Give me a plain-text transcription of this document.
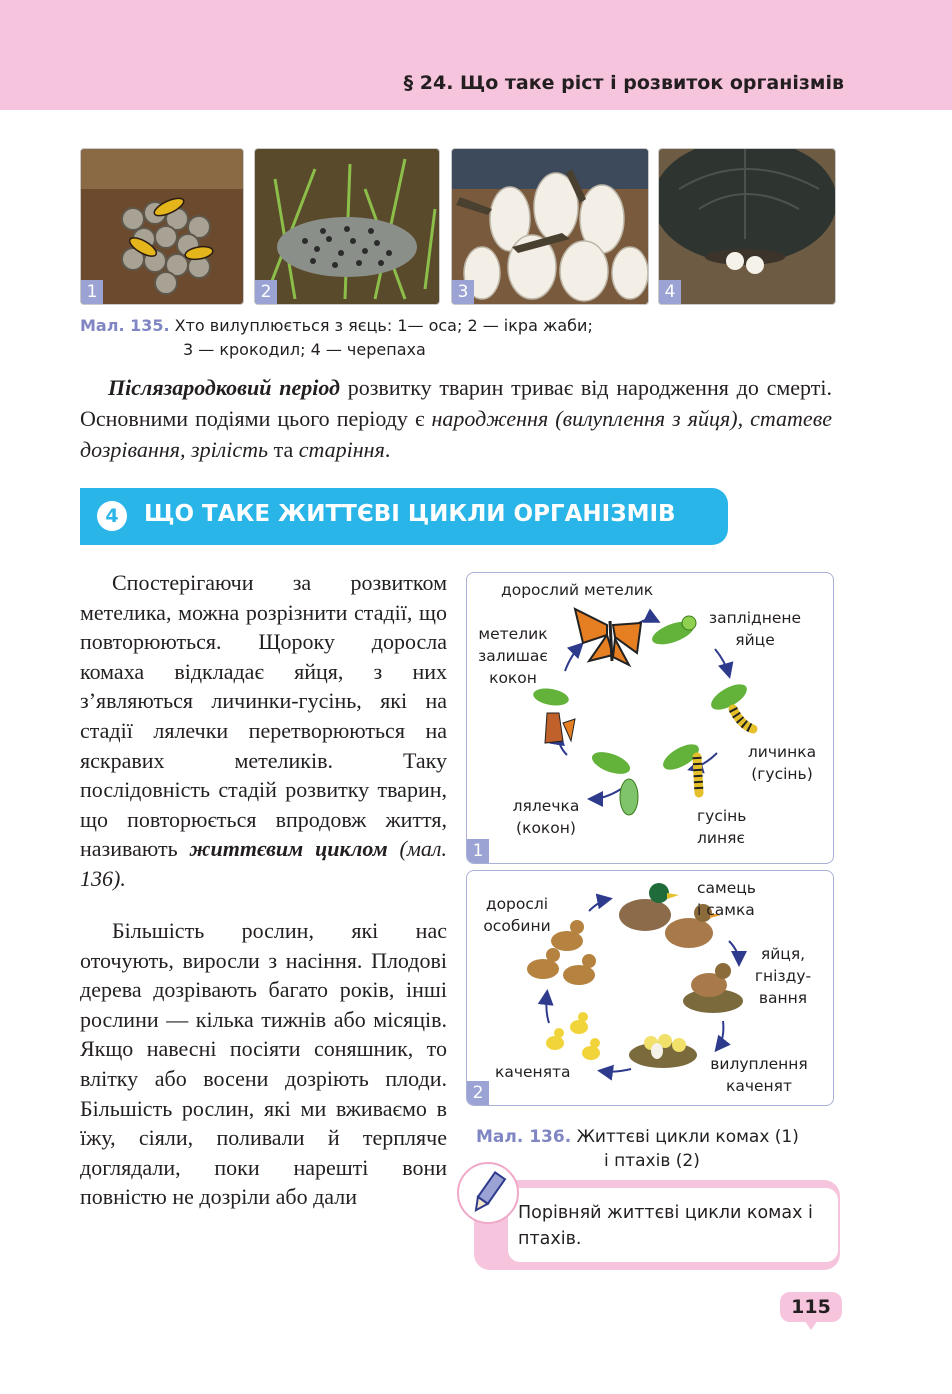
§ 24. Що таке ріст і розвиток організмів
1	2	3	4
Мал. 135. Хто вилуплюється з яєць: 1— оса; 2 — ікра жаби;
3 — крокодил; 4 — черепаха
Післязародковий період розвитку тварин триває від народження до смерті. Основними подіями цього періоду є народження (вилуплення з яйця), статеве дозрівання, зрілість та старіння.
4	ЩО ТАКЕ ЖИТТЄВІ ЦИКЛИ ОРГАНІЗМІВ
Спостерігаючи за розвитком метелика, можна розрізнити стадії, що повторюються. Щороку доросла комаха відкладає яйця, з них з’являються личинки-гусінь, які на стадії лялечки перетворюються на яскравих метеликів. Таку послідовність стадій розвитку тварин, що повторюється впродовж життя, називають життєвим циклом (мал. 136).
Більшість рослин, які нас оточують, виросли з насіння. Плодові дерева дозрівають багато років, інші рослини — кілька тижнів або місяців. Якщо навесні посіяти соняшник, то влітку або восени дозріють плоди. Більшість рослин, які ми вживаємо в їжу, сіяли, поливали й терпляче доглядали, поки нарешті вони повністю не дозріли або дали
дорослий метелик
запліднене
яйце
личинка
(гусінь)
гусінь
линяє
лялечка
(кокон)
метелик
залишає
кокон
1
самець
і самка
яйця,
гнізду-
вання
вилуплення
каченят
каченята
дорослі
особини
2
Мал. 136. Життєві цикли комах (1)
і птахів (2)
Порівняй життєві цикли комах і птахів.
115
